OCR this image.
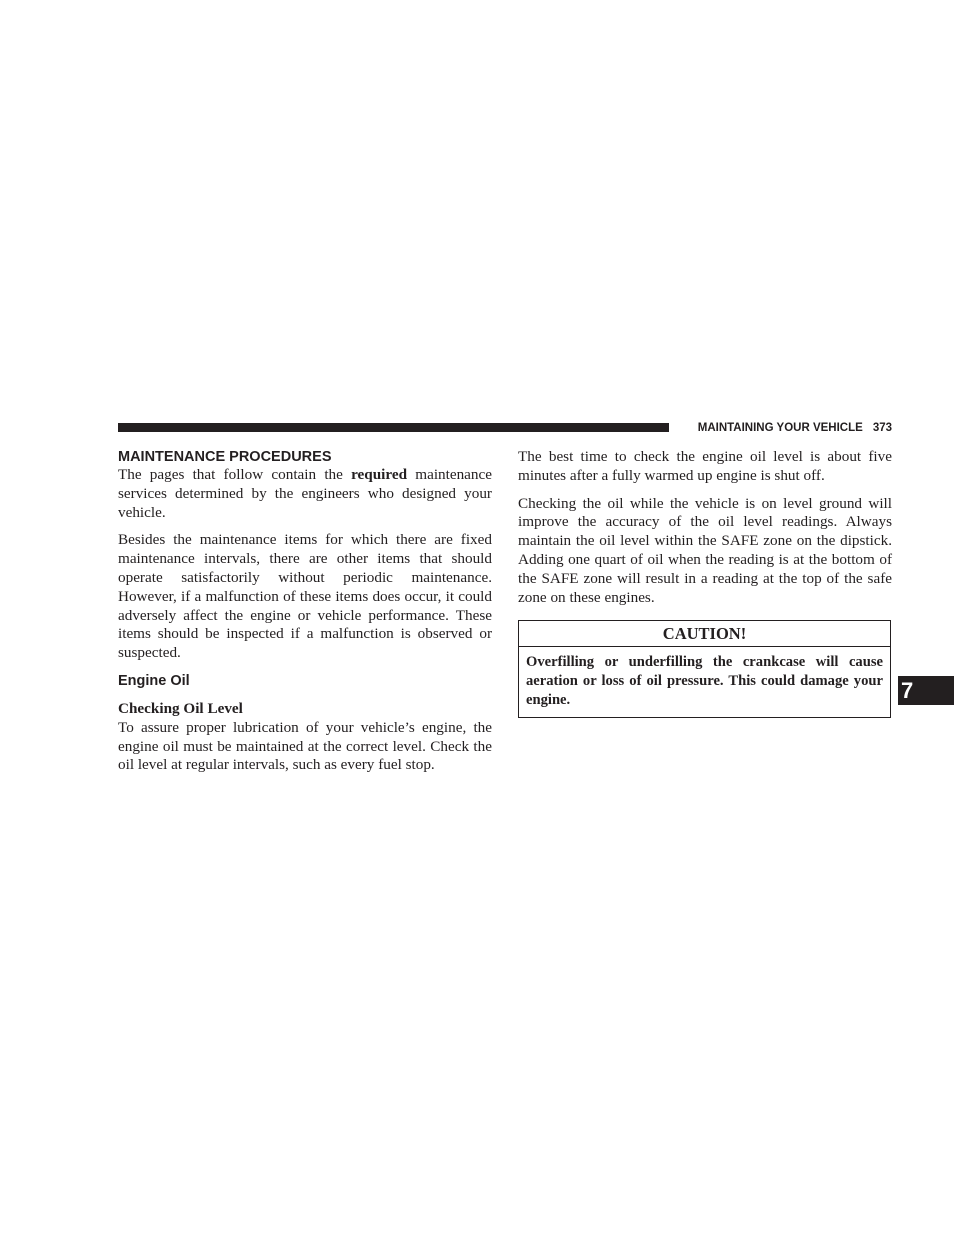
MAINTAINING YOUR VEHICLE 373
MAINTENANCE PROCEDURES

The pages that follow contain the required maintenance services determined by the engineers who designed your vehicle.

Besides the maintenance items for which there are fixed maintenance intervals, there are other items that should operate satisfactorily without periodic maintenance. However, if a malfunction of these items does occur, it could adversely affect the engine or vehicle performance. These items should be inspected if a malfunction is observed or suspected.

Engine Oil
Checking Oil Level

To assure proper lubrication of your vehicle’s engine, the engine oil must be maintained at the correct level. Check the oil level at regular intervals, such as every fuel stop.

The best time to check the engine oil level is about five minutes after a fully warmed up engine is shut off.

Checking the oil while the vehicle is on level ground will improve the accuracy of the oil level readings. Always maintain the oil level within the SAFE zone on the dipstick. Adding one quart of oil when the reading is at the bottom of the SAFE zone will result in a reading at the top of the safe zone on these engines.

CAUTION!
Overfilling or underfilling the crankcase will cause aeration or loss of oil pressure. This could damage your engine.	7
